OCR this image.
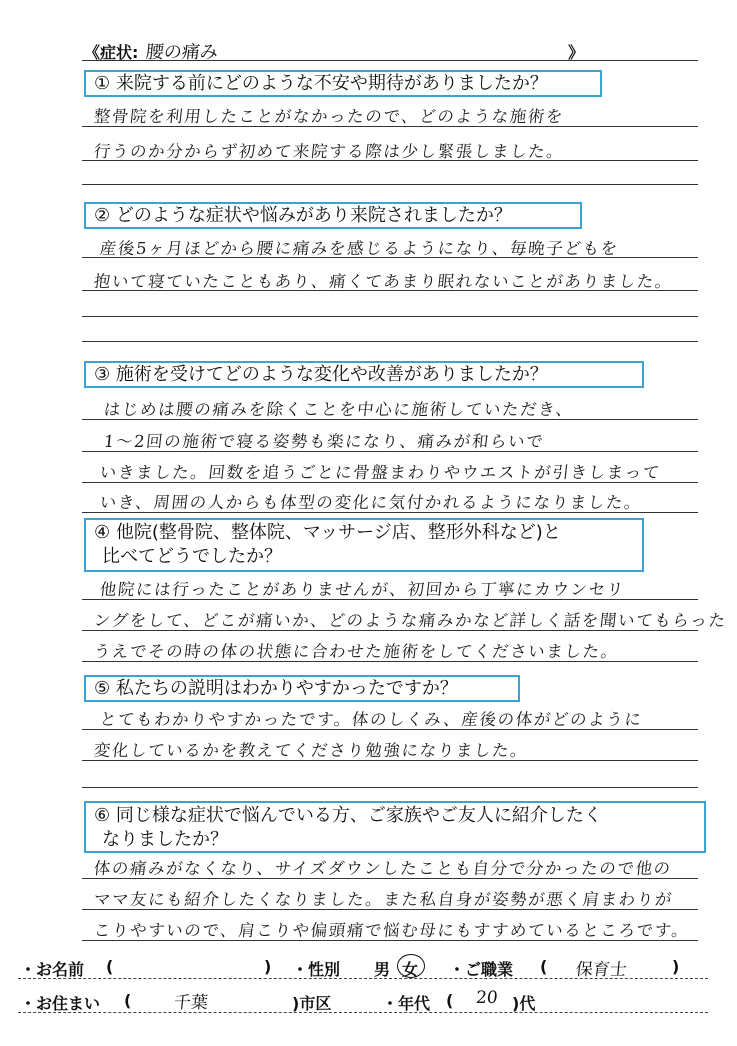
《症状: 腰の痛み	》
① 来院する前にどのような不安や期待がありましたか？
整骨院を利用したことがなかったので、どのような施術を
行うのか分からず初めて来院する際は少し緊張しました。
② どのような症状や悩みがあり来院されましたか？
産後5ヶ月ほどから腰に痛みを感じるようになり、毎晩子どもを
抱いて寝ていたこともあり、痛くてあまり眠れないことがありました。
③ 施術を受けてどのような変化や改善がありましたか？
はじめは腰の痛みを除くことを中心に施術していただき、
1〜2回の施術で寝る姿勢も楽になり、痛みが和らいで
いきました。回数を追うごとに骨盤まわりやウエストが引きしまって
いき、周囲の人からも体型の変化に気付かれるようになりました。
④ 他院(整骨院、整体院、マッサージ店、整形外科など)と
比べてどうでしたか？
他院には行ったことがありませんが、初回から丁寧にカウンセリ
ングをして、どこが痛いか、どのような痛みかなど詳しく話を聞いてもらった
うえでその時の体の状態に合わせた施術をしてくださいました。
⑤ 私たちの説明はわかりやすかったですか？
とてもわかりやすかったです。体のしくみ、産後の体がどのように
変化しているかを教えてくださり勉強になりました。
⑥ 同じ様な症状で悩んでいる方、ご家族やご友人に紹介したく
なりましたか？
体の痛みがなくなり、サイズダウンしたことも自分で分かったので他の
ママ友にも紹介したくなりました。また私自身が姿勢が悪く肩まわりが
こりやすいので、肩こりや偏頭痛で悩む母にもすすめているところです。
・お名前 (	) ・性別 男 女 ・ご職業 ( 保育士	)
・お住まい ( 千葉	)市区	・年代 ( 20 )代
